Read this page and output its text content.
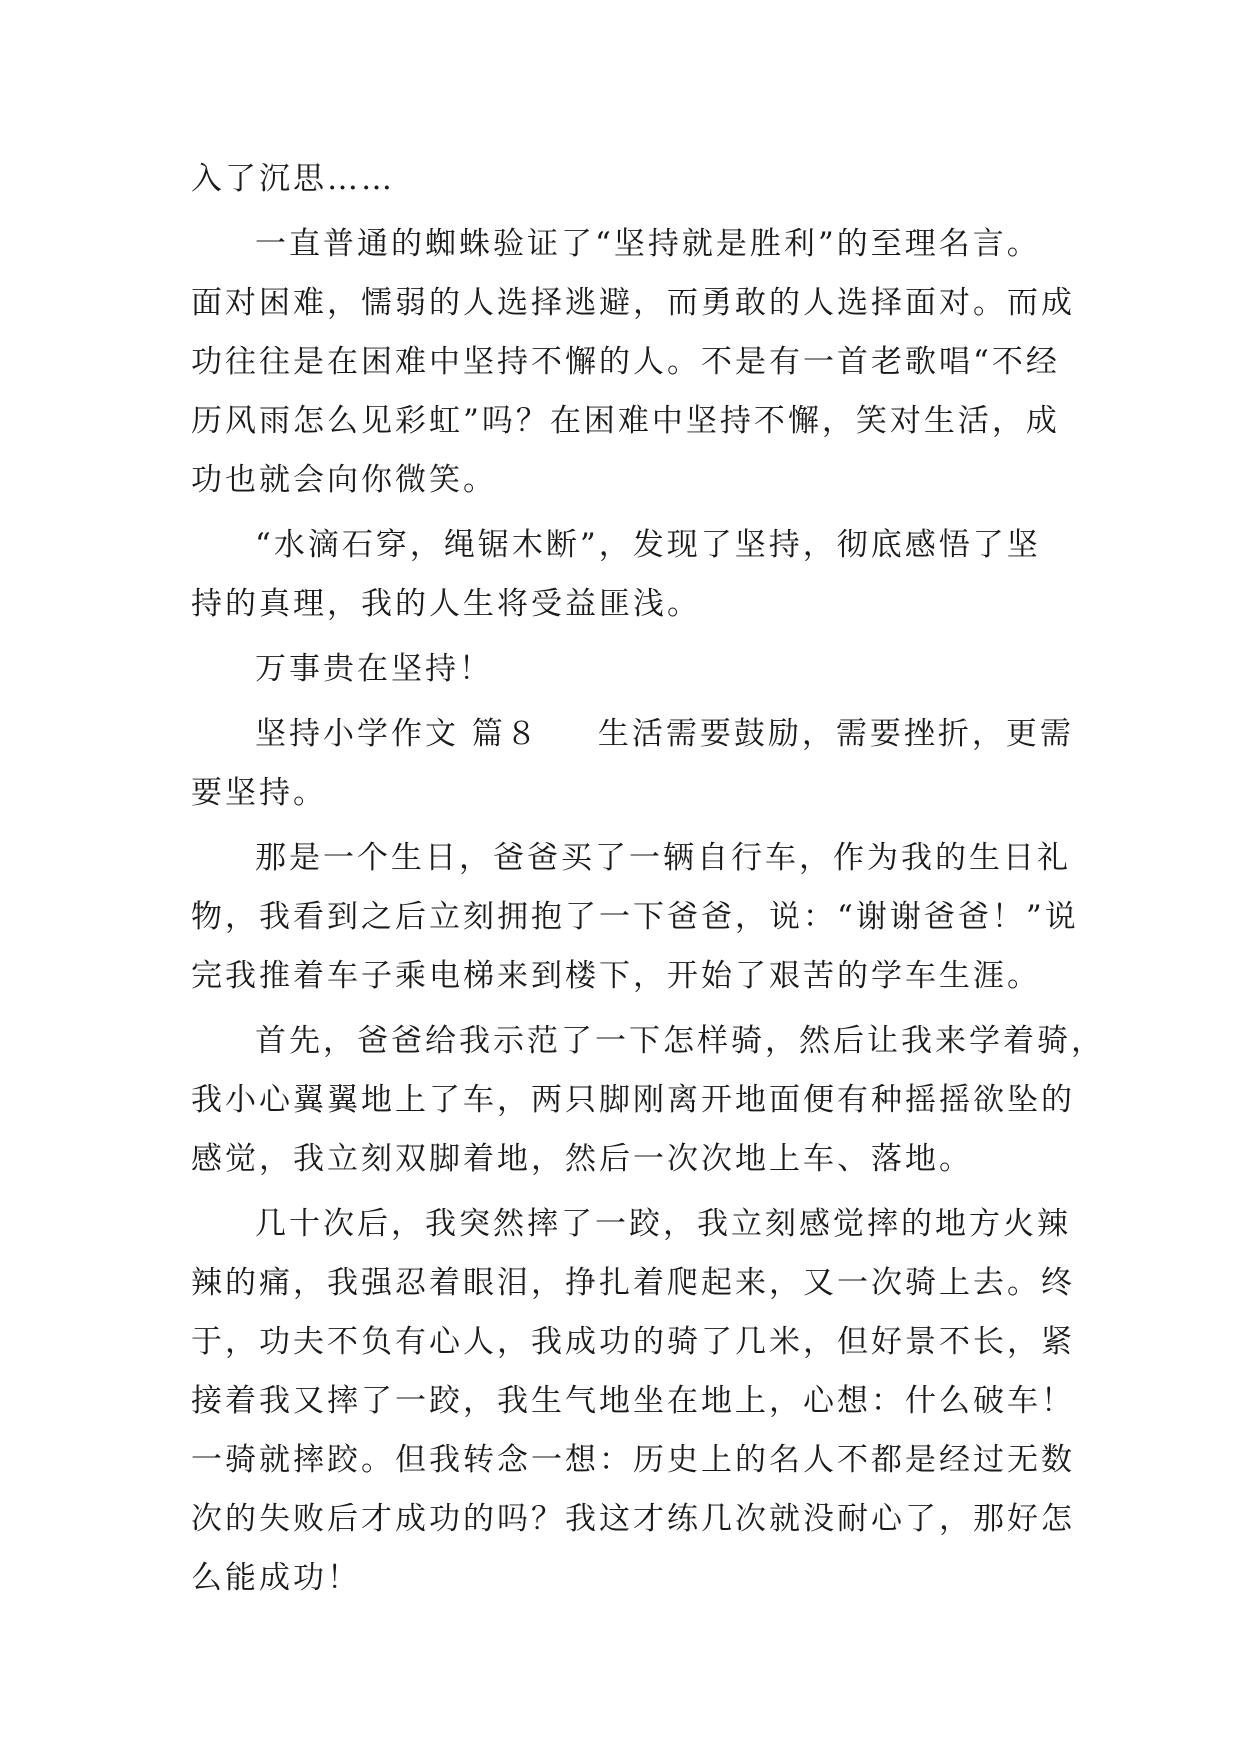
入了沉思……
一直普通的蜘蛛验证了“坚持就是胜利”的至理名言。
面对困难，懦弱的人选择逃避，而勇敢的人选择面对。而成
功往往是在困难中坚持不懈的人。不是有一首老歌唱“不经
历风雨怎么见彩虹”吗？在困难中坚持不懈，笑对生活，成
功也就会向你微笑。
“水滴石穿，绳锯木断”，发现了坚持，彻底感悟了坚
持的真理，我的人生将受益匪浅。
万事贵在坚持！
坚持小学作文 篇８ 生活需要鼓励，需要挫折，更需
要坚持。
那是一个生日，爸爸买了一辆自行车，作为我的生日礼
物，我看到之后立刻拥抱了一下爸爸，说：“谢谢爸爸！”说
完我推着车子乘电梯来到楼下，开始了艰苦的学车生涯。
首先，爸爸给我示范了一下怎样骑，然后让我来学着骑，
我小心翼翼地上了车，两只脚刚离开地面便有种摇摇欲坠的
感觉，我立刻双脚着地，然后一次次地上车、落地。
几十次后，我突然摔了一跤，我立刻感觉摔的地方火辣
辣的痛，我强忍着眼泪，挣扎着爬起来，又一次骑上去。终
于，功夫不负有心人，我成功的骑了几米，但好景不长，紧
接着我又摔了一跤，我生气地坐在地上，心想：什么破车！
一骑就摔跤。但我转念一想：历史上的名人不都是经过无数
次的失败后才成功的吗？我这才练几次就没耐心了，那好怎
么能成功！
